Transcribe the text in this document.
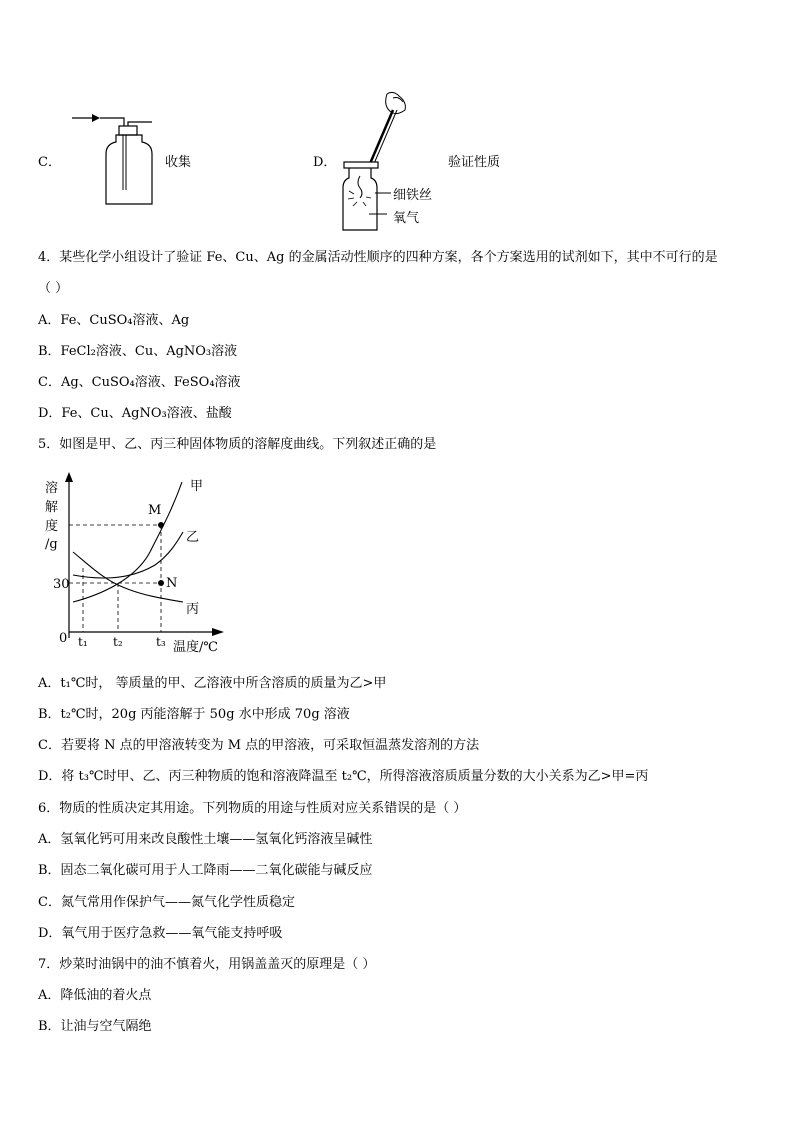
C．	收集	D．
细铁丝
氧气
验证性质
4．某些化学小组设计了验证 Fe、Cu、Ag 的金属活动性顺序的四种方案，各个方案选用的试剂如下，其中不可行的是
（ ）
A．Fe、CuSO₄溶液、Ag
B．FeCl₂溶液、Cu、AgNO₃溶液
C．Ag、CuSO₄溶液、FeSO₄溶液
D．Fe、Cu、AgNO₃溶液、盐酸
5．如图是甲、乙、丙三种固体物质的溶解度曲线。下列叙述正确的是
溶
解
度
/g
30
0 t₁ t₂	t₃ 温度/℃
甲
乙
丙
M
N
A．t₁℃时， 等质量的甲、乙溶液中所含溶质的质量为乙>甲
B．t₂℃时，20g 丙能溶解于 50g 水中形成 70g 溶液
C．若要将 N 点的甲溶液转变为 M 点的甲溶液，可采取恒温蒸发溶剂的方法
D．将 t₃℃时甲、乙、丙三种物质的饱和溶液降温至 t₂℃，所得溶液溶质质量分数的大小关系为乙>甲=丙
6．物质的性质决定其用途。下列物质的用途与性质对应关系错误的是（ ）
A．氢氧化钙可用来改良酸性土壤——氢氧化钙溶液呈碱性
B．固态二氧化碳可用于人工降雨——二氧化碳能与碱反应
C．氮气常用作保护气——氮气化学性质稳定
D．氧气用于医疗急救——氧气能支持呼吸
7．炒菜时油锅中的油不慎着火，用锅盖盖灭的原理是（ ）
A．降低油的着火点
B．让油与空气隔绝
